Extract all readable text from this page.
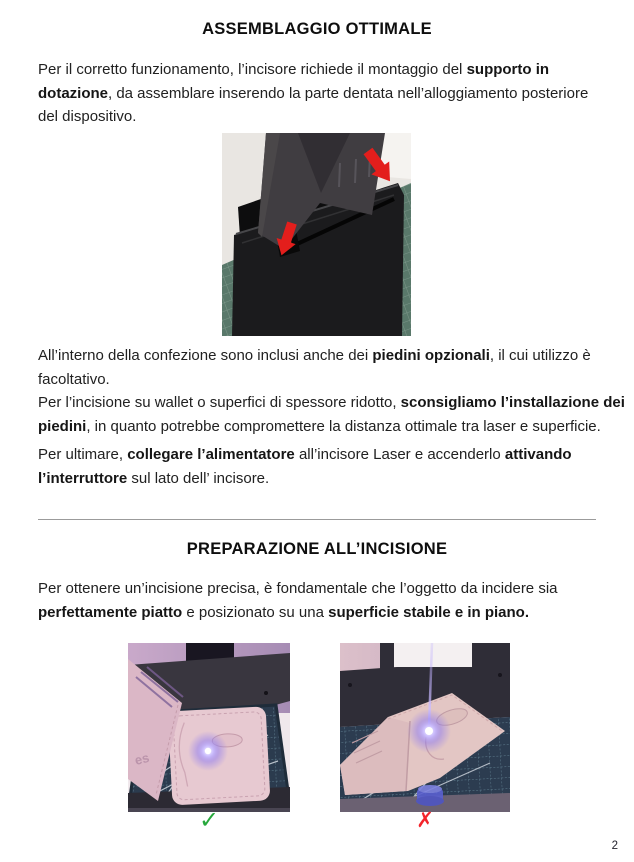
ASSEMBLAGGIO OTTIMALE
Per il corretto funzionamento, l’incisore richiede il montaggio del supporto in
dotazione, da assemblare inserendo la parte dentata nell’alloggiamento posteriore
del dispositivo.
All’interno della confezione sono inclusi anche dei piedini opzionali, il cui utilizzo è
facoltativo.
Per l’incisione su wallet o superfici di spessore ridotto, sconsigliamo l’installazione dei
piedini, in quanto potrebbe compromettere la distanza ottimale tra laser e superficie.
Per ultimare, collegare l’alimentatore all’incisore Laser e accenderlo attivando
l’interruttore sul lato dell’ incisore.
PREPARAZIONE ALL’INCISIONE
Per ottenere un’incisione precisa, è fondamentale che l’oggetto da incidere sia
perfettamente piatto e posizionato su una superficie stabile e in piano.
es
✓	✗
2
